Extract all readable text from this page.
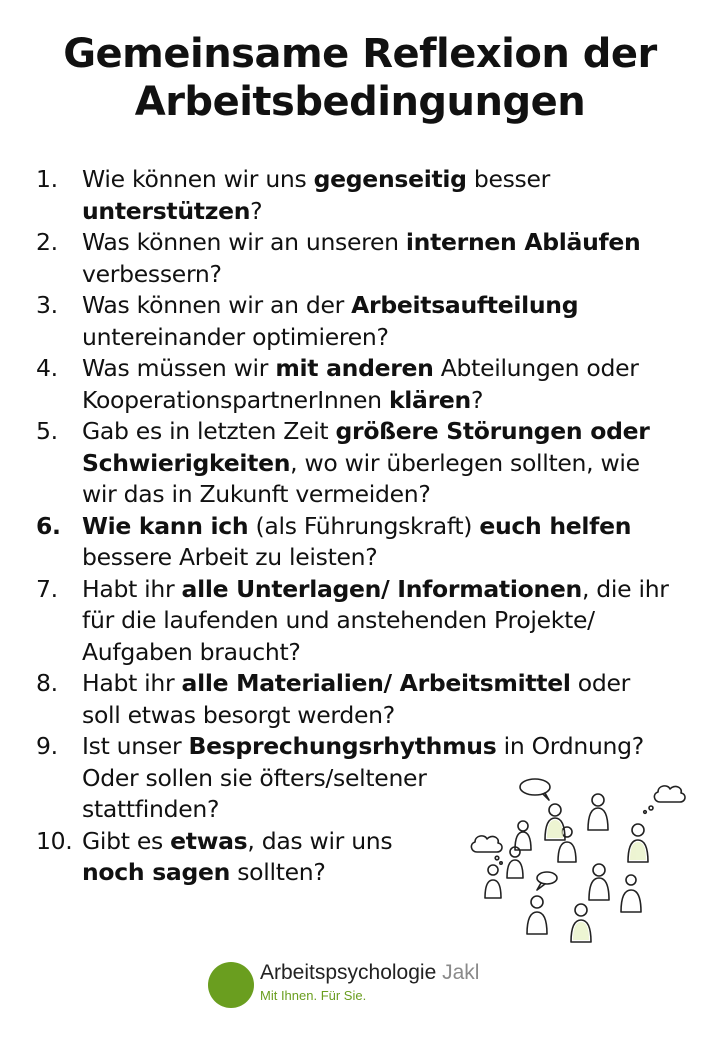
Gemeinsame Reflexion der
Arbeitsbedingungen
1. Wie können wir uns gegenseitig besser
unterstützen?
2. Was können wir an unseren internen Abläufen
verbessern?
3. Was können wir an der Arbeitsaufteilung
untereinander optimieren?
4. Was müssen wir mit anderen Abteilungen oder
KooperationspartnerInnen klären?
5. Gab es in letzten Zeit größere Störungen oder
Schwierigkeiten, wo wir überlegen sollten, wie
wir das in Zukunft vermeiden?
6. Wie kann ich (als Führungskraft) euch helfen
bessere Arbeit zu leisten?
7. Habt ihr alle Unterlagen/ Informationen, die ihr
für die laufenden und anstehenden Projekte/
Aufgaben braucht?
8. Habt ihr alle Materialien/ Arbeitsmittel oder
soll etwas besorgt werden?
9. Ist unser Besprechungsrhythmus in Ordnung?
Oder sollen sie öfters/seltener
stattfinden?
10. Gibt es etwas, das wir uns
noch sagen sollten?
Arbeitspsychologie Jakl
Mit Ihnen. Für Sie.
